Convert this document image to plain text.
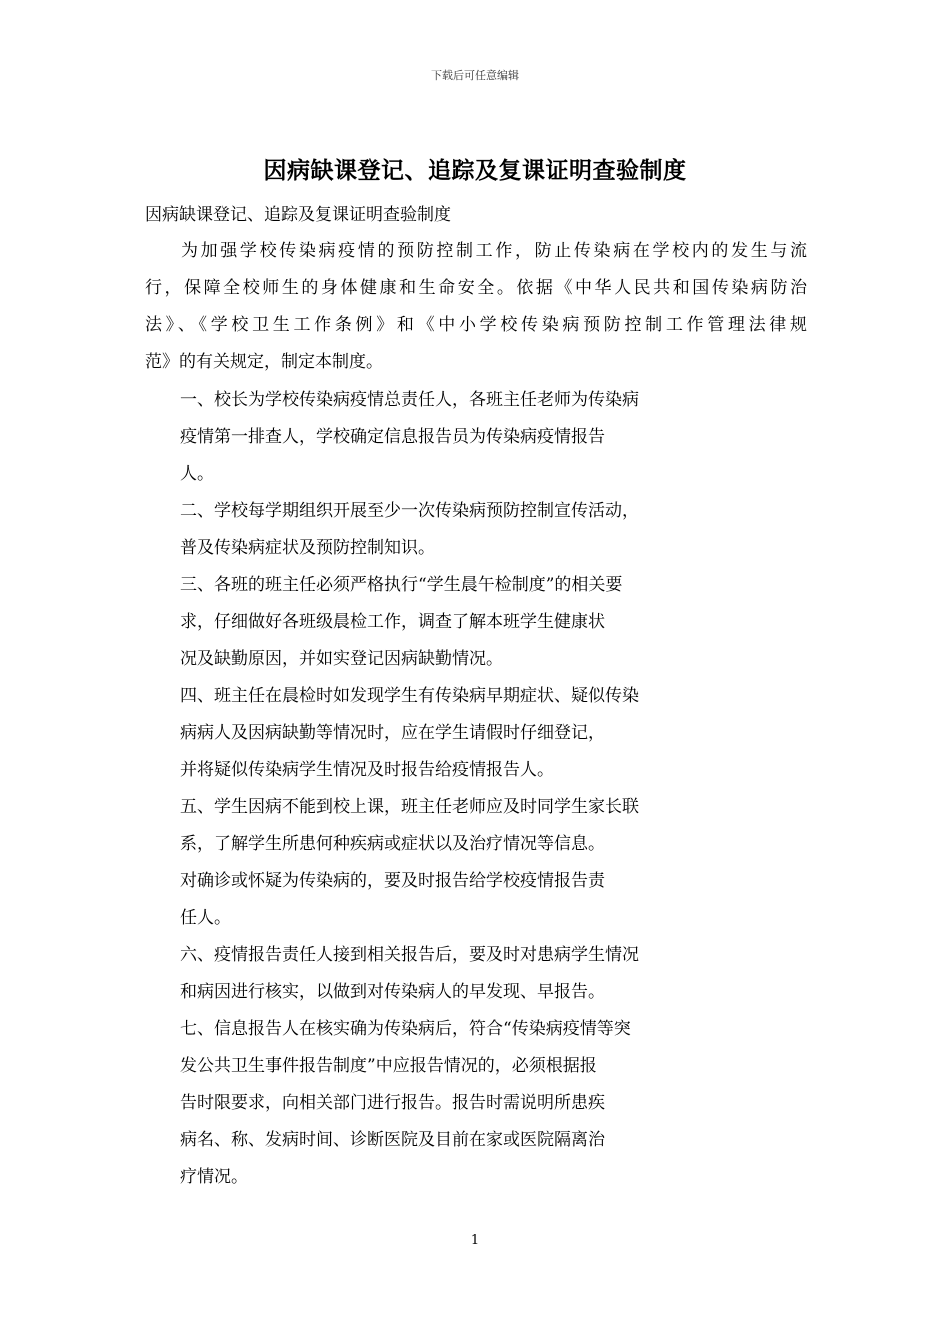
下载后可任意编辑
因病缺课登记、追踪及复课证明查验制度
因病缺课登记、追踪及复课证明查验制度
为加强学校传染病疫情的预防控制工作，防止传染病在学校内的发生与流
行，保障全校师生的身体健康和生命安全。依据《中华人民共和国传染病防治
法》、《学校卫生工作条例》和《中小学校传染病预防控制工作管理法律规
范》的有关规定，制定本制度。
一、校长为学校传染病疫情总责任人，各班主任老师为传染病
疫情第一排查人，学校确定信息报告员为传染病疫情报告
人。
二、学校每学期组织开展至少一次传染病预防控制宣传活动，
普及传染病症状及预防控制知识。
三、各班的班主任必须严格执行“学生晨午检制度”的相关要
求，仔细做好各班级晨检工作，调查了解本班学生健康状
况及缺勤原因，并如实登记因病缺勤情况。
四、班主任在晨检时如发现学生有传染病早期症状、疑似传染
病病人及因病缺勤等情况时，应在学生请假时仔细登记，
并将疑似传染病学生情况及时报告给疫情报告人。
五、学生因病不能到校上课，班主任老师应及时同学生家长联
系，了解学生所患何种疾病或症状以及治疗情况等信息。
对确诊或怀疑为传染病的，要及时报告给学校疫情报告责
任人。
六、疫情报告责任人接到相关报告后，要及时对患病学生情况
和病因进行核实，以做到对传染病人的早发现、早报告。
七、信息报告人在核实确为传染病后，符合“传染病疫情等突
发公共卫生事件报告制度”中应报告情况的，必须根据报
告时限要求，向相关部门进行报告。报告时需说明所患疾
病名、称、发病时间、诊断医院及目前在家或医院隔离治
疗情况。
1
